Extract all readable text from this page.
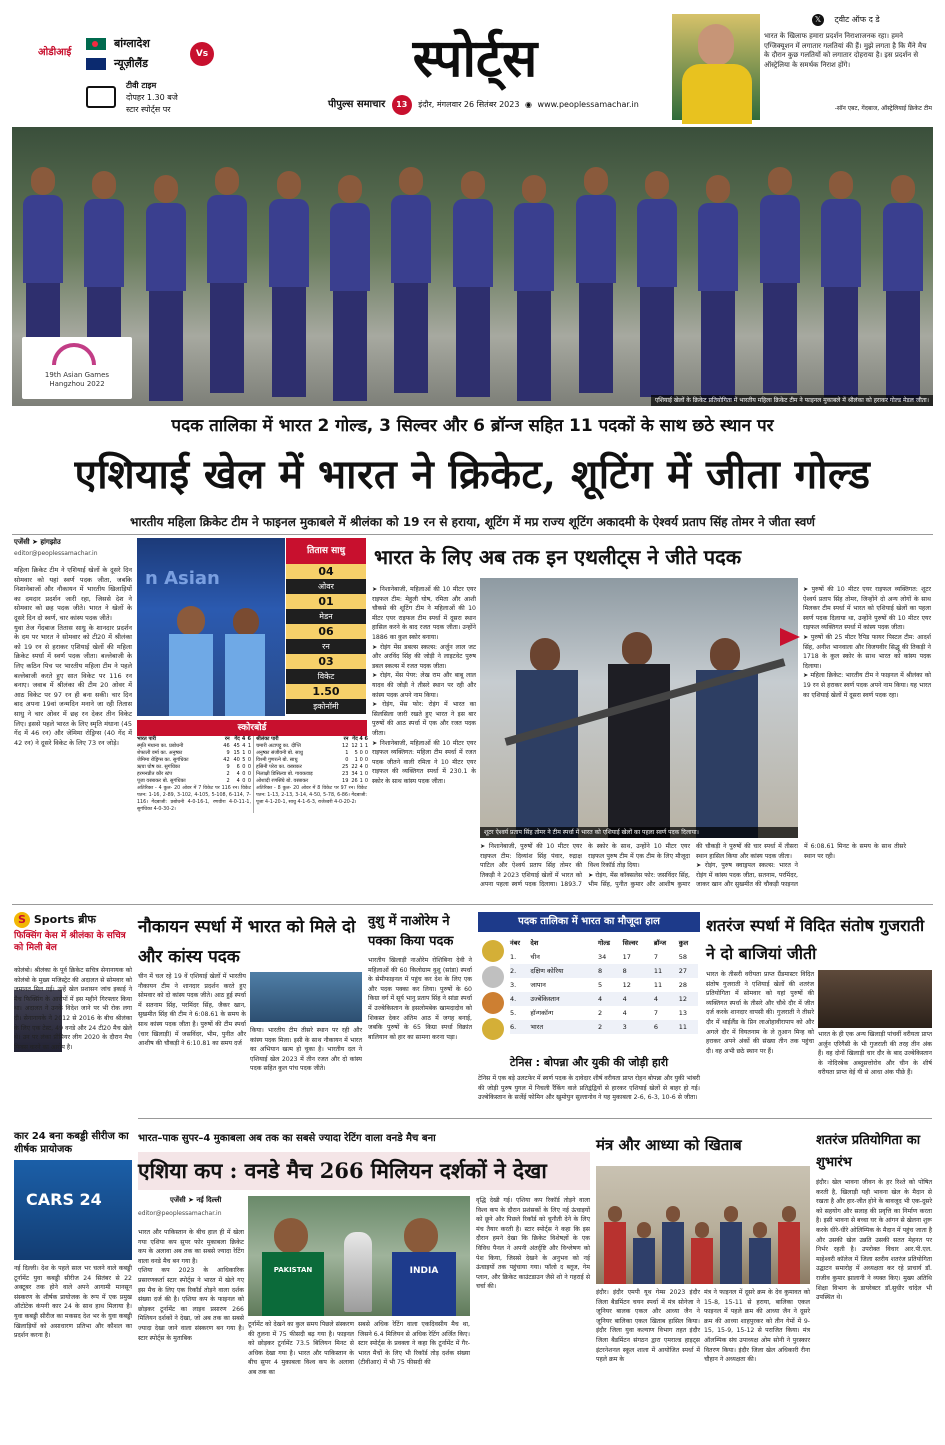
ओडीआई
बांग्लादेश
न्यूज़ीलैंड
Vs
टीवी टाइम
दोपहर 1.30 बजे
स्टार स्पोर्ट्स पर
स्पोर्ट्स
पीपुल्स समाचार 13 इंदौर, मंगलवार 26 सितंबर 2023 ◉ www.peoplessamachar.in
𝕏 ट्वीट ऑफ द डे
भारत के खिलाफ हमारा प्रदर्शन निराशाजनक रहा। हमने एग्जिक्यूशन में लगातार गलतियां की हैं। मुझे लगता है कि मैंने मैच के दौरान कुछ गलतियों को लगातार दोहराया है। इस प्रदर्शन से ऑस्ट्रेलिया के समर्थक निराश होंगे।
-सॉन एबट, गेंदबाज, ऑस्ट्रेलियाई क्रिकेट टीम
19th Asian Games Hangzhou 2022
एशियाई खेलों के क्रिकेट प्रतियोगिता में भारतीय महिला क्रिकेट टीम ने फाइनल मुकाबले में श्रीलंका को हराकर गोल्ड मेडल जीता।
पदक तालिका में भारत 2 गोल्ड, 3 सिल्वर और 6 ब्रॉन्ज सहित 11 पदकों के साथ छठे स्थान पर
एशियाई खेल में भारत ने क्रिकेट, शूटिंग में जीता गोल्ड
भारतीय महिला क्रिकेट टीम ने फाइनल मुकाबले में श्रीलंका को 19 रन से हराया, शूटिंग में मप्र राज्य शूटिंग अकादमी के ऐश्वर्य प्रताप सिंह तोमर ने जीता स्वर्ण
एजेंसी ➤ हांगझोउ
editor@peoplessamachar.in
महिला क्रिकेट टीम ने एशियाई खेलों के दूसरे दिन सोमवार को यहां स्वर्ण पदक जीता, जबकि निशानेबाजों और नौकायन में भारतीय खिलाड़ियों का दमदार प्रदर्शन जारी रहा, जिससे देश ने सोमवार को छह पदक जीते। भारत ने खेलों के दूसरे दिन दो स्वर्ण, चार कांस्य पदक जीते।
युवा तेज गेंदबाज तितास साधु के शानदार प्रदर्शन के दम पर भारत ने सोमवार को टी20 में श्रीलंका को 19 रन से हराकर एशियाई खेलों की महिला क्रिकेट स्पर्धा में स्वर्ण पदक जीता। बल्लेबाजी के लिए कठिन पिच पर भारतीय महिला टीम ने पहले बल्लेबाजी करते हुए सात विकेट पर 116 रन बनाए। जवाब में श्रीलंका की टीम 20 ओवर में आठ विकेट पर 97 रन ही बना सकी। चार दिन बाद अपना 19वां जन्मदिन मनाने जा रही तितास साधु ने चार ओवर में छह रन देकर तीन विकेट लिए। इससे पहले भारत के लिए स्मृति मंधाना (45 गेंद में 46 रन) और जेमिमा रोड्रिग्स (40 गेंद में 42 रन) ने दूसरे विकेट के लिए 73 रन जोड़े।
n Asian
तितास साधु
04
ओवर
01
मेडन
06
रन
03
विकेट
1.50
इकोनॉमी
स्कोरबोर्ड
भारत पारी	रन	गेंद	4	6
स्मृति मंधाना का. प्रबोधनी	46	45	4	1
शेफाली वर्मा का. अनुष्का	9	15	1	0
जेमिमा रोड्रिग्स का. सुगंधिका	42	40	5	0
ऋचा घोष का. सुगंधिका	9	6	0	0
हरमनप्रीत कौर स्टंप	2	4	0	0
पूजा वस्त्राकर बो. सुगंधिका	2	4	0	0
अतिरिक्त - 4 कुल- 20 ओवर में 7 विकेट पर 116 रन। विकेट पतन: 1-16, 2-89, 3-102, 4-105, 5-108, 6-114, 7-116। गेंदबाजी: प्रबोधनी 4-0-16-1, रणवीरा 4-0-11-1, सुगंधिका 4-0-30-2।
श्रीलंका पारी	रन	गेंद	4	6
चमारी अटापट्टू का. दीप्ति	12	12	1	1
अनुष्का संजीवनी बो. साधु	1	5	0	0
विश्मी गुणरत्ने बो. साधु	0	1	0	0
हसिनी परेरा का. वस्त्राकर	25	22	4	0
निलाक्षी डिसिल्वा बो. गायकवाड़	23	34	1	0
ओशादी रणसिंघे बो. वस्त्राकर	19	26	1	0
अतिरिक्त - 8 कुल- 20 ओवर में 8 विकेट पर 97 रन। विकेट पतन: 1-13, 2-13, 3-14, 4-50, 5-78, 6-86। गेंदबाजी: पूजा 4-1-20-1, साधु 4-1-6-3, राजेश्वरी 4-0-20-2।
भारत के लिए अब तक इन एथलीट्स ने जीते पदक
➤ निशानेबाजी, महिलाओं की 10 मीटर एयर राइफल टीम: मेहुली घोष, रमिता और आशी चौकसे की शूटिंग टीम ने महिलाओं की 10 मीटर एयर राइफल टीम स्पर्धा में दूसरा स्थान हासिल करने के बाद रजत पदक जीता। उन्होंने 1886 का कुल स्कोर बनाया।
➤ रोइंग मेंस डबल्स स्कल्स: अर्जुन लाल जट और अरविंद सिंह की जोड़ी ने लाइटवेट पुरुष डबल स्कल्स में रजत पदक जीता।
➤ रोइंग, मेंस पेयर: लेख राम और बाबू लाल यादव की जोड़ी ने तीसरे स्थान पर रही और कांस्य पदक अपने नाम किया।
➤ रोइंग, मेंस फोर: रोइंग में भारत का सिलसिला जारी रखते हुए भारत ने इस बार पुरुषों की आठ स्पर्धा में एक और रजत पदक जीता।
➤ निशानेबाजी, महिलाओं की 10 मीटर एयर राइफल व्यक्तिगत: महिला टीम स्पर्धा में रजत पदक जीतने वाली रमिता ने 10 मीटर एयर राइफल की व्यक्तिगत स्पर्धा में 230.1 के स्कोर के साथ कांस्य पदक जीता।
शूटर ऐश्वर्य प्रताप सिंह तोमर ने टीम स्पर्धा में भारत को एशियाई खेलों का पहला स्वर्ण पदक दिलाया।
➤ निशानेबाजी, पुरुषों की 10 मीटर एयर राइफल टीम: दिव्यांश सिंह पंवार, रुद्राक्ष पाटिल और ऐश्वर्य प्रताप सिंह तोमर की तिकड़ी ने 2023 एशियाई खेलों में भारत को अपना पहला स्वर्ण पदक दिलाया। 1893.7 के स्कोर के साथ, उन्होंने 10 मीटर एयर राइफल पुरुष टीम में एक टीम के लिए मौजूदा विश्व रिकॉर्ड तोड़ दिया।
➤ रोइंग, मेंस कॉक्सलेस फोर: जसविंदर सिंह, भीम सिंह, पुनीत कुमार और आशीष कुमार की चौकड़ी ने पुरुषों की चार स्पर्धा में तीसरा स्थान हासिल किया और कांस्य पदक जीता।
➤ रोइंग, पुरुष क्वाड्रपल स्कल्स: भारत ने रोइंग में कांस्य पदक जीता, सतनाम, परमिंदर, जाकर खान और सुखमीत की चौकड़ी फाइनल में 6:08.61 मिनट के समय के साथ तीसरे स्थान पर रही।
➤ पुरुषों की 10 मीटर एयर राइफल व्यक्तिगत: शूटर ऐश्वर्य प्रताप सिंह तोमर, जिन्होंने दो अन्य लोगों के साथ मिलकर टीम स्पर्धा में भारत को एशियाई खेलों का पहला स्वर्ण पदक दिलाया था, उन्होंने पुरुषों की 10 मीटर एयर राइफल व्यक्तिगत स्पर्धा में कांस्य पदक जीता।
➤ पुरुषों की 25 मीटर रैपिड फायर पिस्टल टीम: आदर्श सिंह, अनीश भानवाला और विजयवीर सिद्धू की तिकड़ी ने 1718 के कुल स्कोर के साथ भारत को कांस्य पदक दिलाया।
➤ महिला क्रिकेट: भारतीय टीम ने फाइनल में श्रीलंका को 19 रन से हराकर स्वर्ण पदक अपने नाम किया। यह भारत का एशियाई खेलों में दूसरा स्वर्ण पदक रहा।
S Sports ब्रीफ
फिक्सिंग केस में श्रीलंका के सचित्र को मिली बेल
कोलंबो। श्रीलंका के पूर्व क्रिकेट सचित्र सेनानायक को कोलंबो के मुख्य मजिस्ट्रेट की अदालत से सोमवार को जमानत मिल गई। उन्हें खेल प्रशासन जांच इकाई ने मैच फिक्सिंग के आरोपों में इस महीने गिरफ्तार किया था। अदालत ने उनके विदेश जाने पर भी रोक लगा दी। सेनानायके ने 2012 से 2016 के बीच श्रीलंका के लिए एक टेस्ट, 49 वनडे और 24 टी20 मैच खेले थे। उन पर लंका प्रीमियर लीग 2020 के दौरान मैच फिक्स करने का आरोप है।
कार 24 बना कबड्डी सीरीज का शीर्षक प्रायोजक
CARS 24
नई दिल्ली। देश के पहले साल भर चलने वाले कबड्डी टूर्नामेंट युवा कबड्डी सीरीज 24 सितंबर से 22 अक्टूबर तक होने वाले अपने आगामी मानसून संस्करण के शीर्षक प्रायोजक के रूप में एक प्रमुख ऑटोटेक कंपनी कार 24 के साथ हाथ मिलाया है। युवा कबड्डी सीरीज का मकसद देश भर के युवा कबड्डी खिलाड़ियों को असाधारण प्रतिभा और कौशल का प्रदर्शन करना है।
नौकायन स्पर्धा में भारत को मिले दो और कांस्य पदक
चीन में चल रहे 19 वें एशियाई खेलों में भारतीय नौकायन टीम ने शानदार प्रदर्शन करते हुए सोमवार को दो कांस्य पदक जीते। आठ हुई स्पर्धा में सतनाम सिंह, परमिंदर सिंह, जैकर खान, सुखमीत सिंह की टीम ने 6:08.61 के समय के साथ कांस्य पदक जीता है। पुरुषों की टीम स्पर्धा (चार खिलाड़ी) में जसविंदर, भीम, पुनीत और आशीष की चौकड़ी ने 6:10.81 का समय दर्ज
किया। भारतीय टीम तीसरे स्थान पर रही और कांस्य पदक मिला। इसी के साथ नौकायन में भारत का अभियान खत्म हो चुका है। भारतीय दल ने एशियाई खेल 2023 में तीन रजत और दो कांस्य पदक सहित कुल पांच पदक जीते।
वुशु में नाओरेम ने पक्का किया पदक
भारतीय खिलाड़ी नाओरेम रोशिबिना देवी ने महिलाओं की 60 किलोग्राम वुशु (सांडा) स्पर्धा के सेमीफाइनल में पहुंच कर देश के लिए एक और पदक पक्का कर लिया। पुरुषों के 60 किग्रा वर्ग में सूर्य भानु प्रताप सिंह ने सांडा स्पर्धा में उज्बेकिस्तान के इसलोमबेक खामदादोव को शिकस्त देकर अंतिम आठ में जगह बनाई, जबकि पुरुषों के 65 किग्रा स्पर्धा विक्रांत बालियान को हार का सामना करना पड़ा।
पदक तालिका में भारत का मौजूदा हाल
नंबर	देश	गोल्ड	सिल्वर	ब्रॉन्ज	कुल
1.	चीन	34	17	7	58
2.	दक्षिण कोरिया	8	8	11	27
3.	जापान	5	12	11	28
4.	उज्बेकिस्तान	4	4	4	12
5.	हॉन्गकॉन्ग	2	4	7	13
6.	भारत	2	3	6	11
टेनिस : बोपन्ना और युकी की जोड़ी हारी
टेनिस में एक बड़े उलटफेर में स्वर्ण पदक के दावेदार शीर्ष वरीयता प्राप्त रोहन बोपन्ना और युकी भांबरी की जोड़ी पुरुष युगल में निचली रैंकिंग वाले प्रतिद्वंद्वियों से हारकर एशियाई खेलों से बाहर हो गई। उज्बेकिस्तान के सर्जेई फोमिन और खुमोयुन सुल्तानोव ने यह मुकाबला 2-6, 6-3, 10-6 से जीता।
शतरंज स्पर्धा में विदित संतोष गुजराती ने दो बाजियां जीती
भारत के तीसरी वरीयता प्राप्त ग्रैंडमास्टर विदित संतोष गुजराती ने एशियाई खेलों की शतरंज प्रतियोगिता में सोमवार को यहां पुरुषों की व्यक्तिगत स्पर्धा के तीसरे और चौथे दौर में जीत दर्ज करके शानदार वापसी की। गुजराती ने तीसरे दौर में थाईलैंड के प्रिन लाओहावीरापाप को और अगले दौर में वियतनाम के ले तुआन मिन्ह को हराकर अपने अंकों की संख्या तीन तक पहुंचा दी। वह अभी छठे स्थान पर हैं।
भारत के ही एक अन्य खिलाड़ी पांचवीं वरीयता प्राप्त अर्जुन एरिगैसी के भी गुजराती की तरह तीन अंक हैं। वह दोनों खिलाड़ी चार दौर के बाद उज्बेकिस्तान के नोदिरबेक अब्दुसत्तोरोव और चीन के शीर्ष वरीयता प्राप्त वेई यी से आधा अंक पीछे हैं।
भारत–पाक सुपर–4 मुकाबला अब तक का सबसे ज्यादा रेटिंग वाला वनडे मैच बना
एशिया कप : वनडे मैच 266 मिलियन दर्शकों ने देखा
एजेंसी ➤ नई दिल्ली
editor@peoplessamachar.in
भारत और पाकिस्तान के बीच हाल ही में खेला गया एशिया कप सुपर फोर मुकाबला क्रिकेट कप के अलावा अब तक का सबसे ज्यादा रेटिंग वाला वनडे मैच बन गया है।
एशिया कप 2023 के आधिकारिक प्रसारणकर्ता स्टार स्पोर्ट्स ने भारत में खेले गए इस मैच के लिए एक रिकॉर्ड तोड़ने वाला दर्शक संख्या दर्ज की है। एशिया कप के फाइनल को छोड़कर टूर्नामेंट का लाइव प्रसारण 266 मिलियन दर्शकों ने देखा, जो अब तक का सबसे ज्यादा देखा जाने वाला संस्करण बन गया है। स्टार स्पोर्ट्स के मुताबिक
PAKISTAN	INDIA
टूर्नामेंट को देखने का कुल समय पिछले संस्करण की तुलना में 75 फीसदी बढ़ गया है। फाइनल को छोड़कर टूर्नामेंट 73.5 बिलियन मिनट से अधिक देखा गया है। भारत और पाकिस्तान के बीच सुपर 4 मुकाबला विश्व कप के अलावा अब तक का
सबसे अधिक रेटिंग वाला एकदिवसीय मैच था, जिसने 6.4 मिलियन से अधिक रेटिंग अर्जित किए।
स्टार स्पोर्ट्स के प्रवक्ता ने कहा कि टूर्नामेंट में गैर-भारत मैचों के लिए भी रिकॉर्ड तोड़ दर्शक संख्या (टीवीआर) में भी 75 फीसदी की
वृद्धि देखी गई। एशिया कप रिकॉर्ड तोड़ने वाला विश्व कप के दौरान प्रशंसकों के लिए नई ऊंचाइयों को छूने और पिछले रिकॉर्ड को चुनौती देने के लिए मंच तैयार करती है। स्टार स्पोर्ट्स ने कहा कि इस दौरान हमने देखा कि क्रिकेट विशेषज्ञों के एक विविध पैनल ने अपनी अंतर्दृष्टि और विश्लेषण को पेश किया, जिससे देखने के अनुभव को नई ऊंचाइयों तक पहुंचाया गया। फॉलो द ब्लूज, गेम प्लान, और क्रिकेट काउंटडाउन जैसे शो ने गहराई से चर्चा की।
मंत्र और आध्या को खिताब
इंदौर। इंदौर एमपी यूथ गेम्स 2023 इंदौर जिला बैडमिंटन चयन स्पर्धा में मंत्र सोनेजा ने जूनियर बालक एकल और आध्या जैन ने जूनियर बालिका एकल खिताब हासिल किया। इंदौर जिला युवा कल्याण विभाग तहत इंदौर जिला बैडमिंटन संगठन द्वारा एमराल्ड हाइट्स इंटरनेशनल स्कूल शाला में आयोजित स्पर्धा में पहले क्रम के
मंत्र ने फाइनल में दूसरे क्रम के देव कुमावत को 15-8, 15-11 से हराया, बालिका एकल फाइनल में पहले क्रम की आध्या जैन ने दूसरे क्रम की आध्या शाहपुरकर को तीन गेमों में 9-15, 15-9, 15-12 से पराजित किया। मंत्र ऑलम्पिक संघ उपाध्यक्ष ओम सोनी ने पुरस्कार वितरण किया। इंदौर जिला खेल अधिकारी रीना चौहान ने अध्यक्षता की।
शतरंज प्रतियोगिता का शुभारंभ
इंदौर। खेल भावना जीवन के हर रिश्ते को पोषित करती है, खिलाड़ी यही भावना खेल के मैदान से रखता है और हार-जीत होने के बावजूद भी एक-दूसरे को सहयोग और सलाह की प्रवृत्ति का निर्माण करता है। इसी भावना से बच्चा घर के आंगन से खेलना शुरू करके धीरे-धीरे ओलिम्पिक के मैदान में पहुंच जाता है और उसकी खेल उन्नति उसकी सतत मेहनत पर निर्भर रहती है। उपरोक्त विचार आर.पी.एल. माहेश्वरी कॉलेज में जिला स्तरीय शतरंज प्रतियोगिता उद्घाटन समारोह में अध्यक्षता कर रहे प्राचार्य डॉ. राजीव कुमार झालानी ने व्यक्त किए। मुख्य अतिथि शिक्षा विभाग के डायरेक्टर डॉ.सुधीर चांदेल भी उपस्थित थे।
